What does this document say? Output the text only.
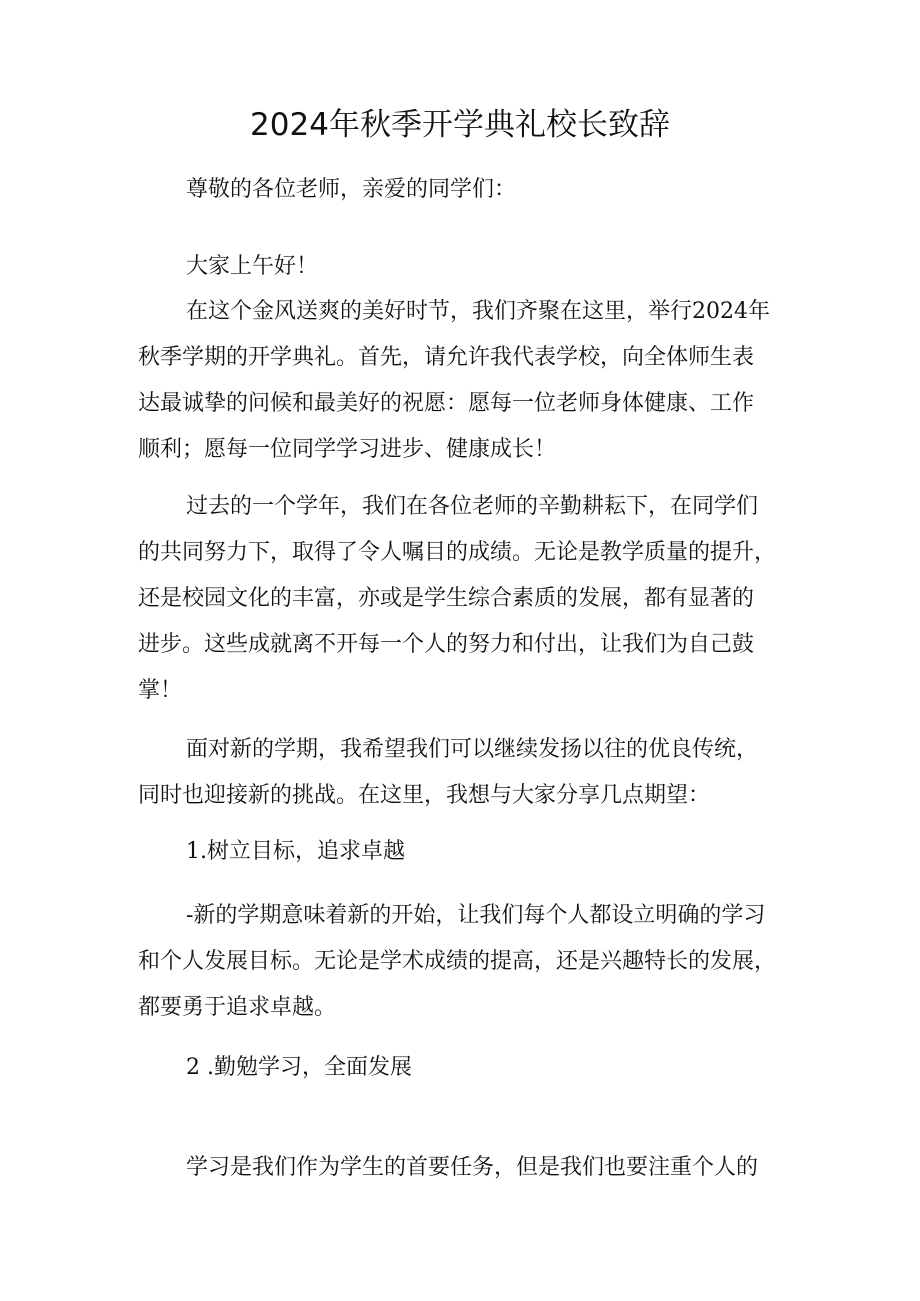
2024年秋季开学典礼校长致辞
尊敬的各位老师，亲爱的同学们：
大家上午好！
在这个金风送爽的美好时节，我们齐聚在这里，举行2024年
秋季学期的开学典礼。首先，请允许我代表学校，向全体师生表
达最诚挚的问候和最美好的祝愿：愿每一位老师身体健康、工作
顺利；愿每一位同学学习进步、健康成长！
过去的一个学年，我们在各位老师的辛勤耕耘下，在同学们
的共同努力下，取得了令人嘱目的成绩。无论是教学质量的提升，
还是校园文化的丰富，亦或是学生综合素质的发展，都有显著的
进步。这些成就离不开每一个人的努力和付出，让我们为自己鼓
掌！
面对新的学期，我希望我们可以继续发扬以往的优良传统，
同时也迎接新的挑战。在这里，我想与大家分享几点期望：
1.树立目标，追求卓越
-新的学期意味着新的开始，让我们每个人都设立明确的学习
和个人发展目标。无论是学术成绩的提高，还是兴趣特长的发展，
都要勇于追求卓越。
2 .勤勉学习，全面发展
学习是我们作为学生的首要任务，但是我们也要注重个人的
